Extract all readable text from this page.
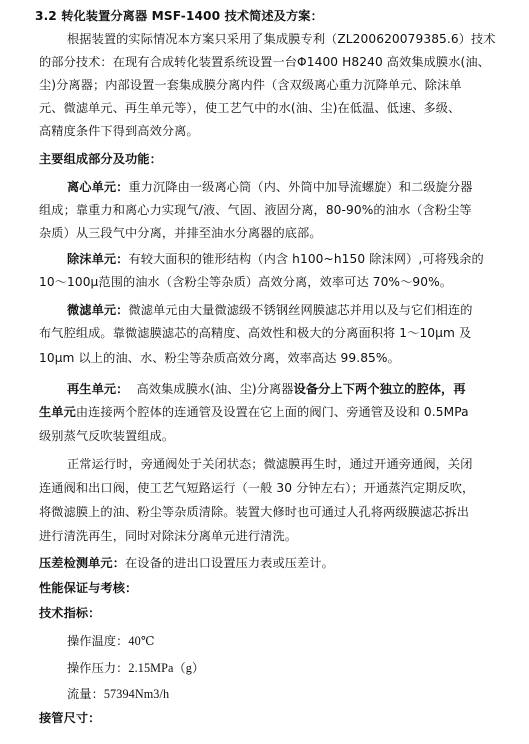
3.2 转化装置分离器 MSF-1400 技术简述及方案：
根据装置的实际情况本方案只采用了集成膜专利（ZL200620079385.6）技术
的部分技术：在现有合成转化装置系统设置一台Φ1400 H8240 高效集成膜水(油、
尘)分离器；内部设置一套集成膜分离内件（含双级离心重力沉降单元、除沫单
元、微滤单元、再生单元等），使工艺气中的水(油、尘)在低温、低速、多级、
高精度条件下得到高效分离。
主要组成部分及功能：
离心单元：重力沉降由一级离心筒（内、外筒中加导流螺旋）和二级旋分器
组成；靠重力和离心力实现气/液、气固、液固分离，80-90%的油水（含粉尘等
杂质）从三段气中分离，并排至油水分离器的底部。
除沫单元：有较大面积的锥形结构（内含 h100~h150 除沫网）,可将残余的
10～100μ范围的油水（含粉尘等杂质）高效分离，效率可达 70%～90%。
微滤单元：微滤单元由大量微滤级不锈钢丝网膜滤芯并用以及与它们相连的
布气腔组成。靠微滤膜滤芯的高精度、高效性和极大的分离面积将 1～10μm 及
10μm 以上的油、水、粉尘等杂质高效分离，效率高达 99.85%。
再生单元： 高效集成膜水(油、尘)分离器设备分上下两个独立的腔体，再
生单元由连接两个腔体的连通管及设置在它上面的阀门、旁通管及设和 0.5MPa
级别蒸气反吹装置组成。
正常运行时，旁通阀处于关闭状态；微滤膜再生时，通过开通旁通阀，关闭
连通阀和出口阀，使工艺气短路运行（一般 30 分钟左右）；开通蒸汽定期反吹，
将微滤膜上的油、粉尘等杂质清除。装置大修时也可通过人孔将两级膜滤芯拆出
进行清洗再生，同时对除沫分离单元进行清洗。
压差检测单元：在设备的进出口设置压力表或压差计。
性能保证与考核：
技术指标：
操作温度：40℃
操作压力：2.15MPa（g）
流量：57394Nm3/h
接管尺寸：
